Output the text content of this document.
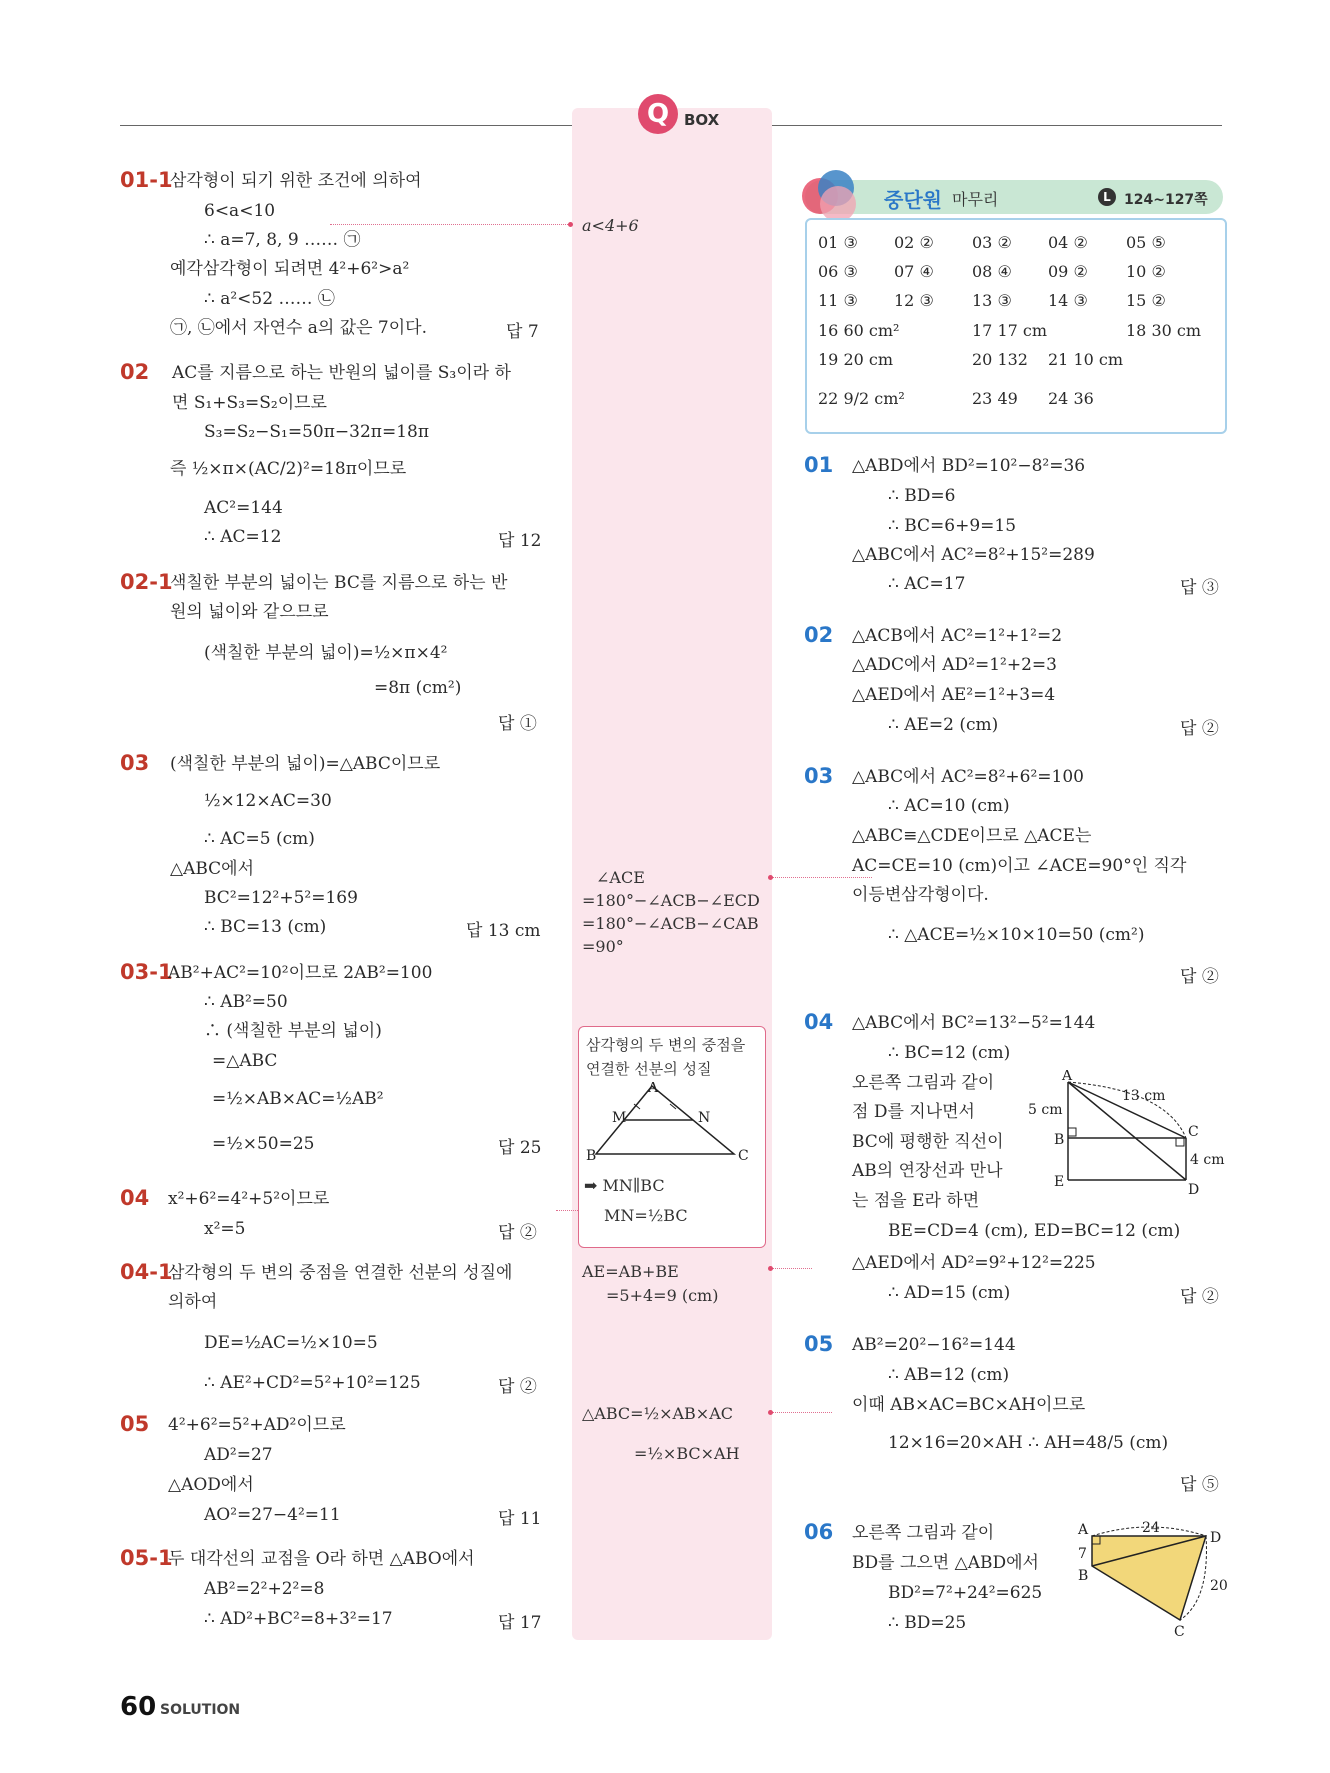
Q BOX
01-1
삼각형이 되기 위한 조건에 의하여
6<a<10
∴ a=7, 8, 9 …… ㉠
예각삼각형이 되려면 4²+6²>a²
∴ a²<52 …… ㉡
㉠, ㉡에서 자연수 a의 값은 7이다.	답 7
02 AC를 지름으로 하는 반원의 넓이를 S₃이라 하
면 S₁+S₃=S₂이므로
S₃=S₂−S₁=50π−32π=18π
즉 ½×π×(AC/2)²=18π이므로
AC²=144
∴ AC=12	답 12
02-1
색칠한 부분의 넓이는 BC를 지름으로 하는 반
원의 넓이와 같으므로
(색칠한 부분의 넓이)=½×π×4²
=8π (cm²)
답 ①
03 (색칠한 부분의 넓이)=△ABC이므로
½×12×AC=30
∴ AC=5 (cm)
△ABC에서
BC²=12²+5²=169
∴ BC=13 (cm)	답 13 cm
03-1
AB²+AC²=10²이므로 2AB²=100
∴ AB²=50
∴ (색칠한 부분의 넓이)
=△ABC
=½×AB×AC=½AB²
=½×50=25	답 25
04 x²+6²=4²+5²이므로
x²=5	답 ②
04-1
삼각형의 두 변의 중점을 연결한 선분의 성질에
의하여
DE=½AC=½×10=5
∴ AE²+CD²=5²+10²=125	답 ②
05 4²+6²=5²+AD²이므로
AD²=27
△AOD에서
AO²=27−4²=11	답 11
05-1
두 대각선의 교점을 O라 하면 △ABO에서
AB²=2²+2²=8
∴ AD²+BC²=8+3²=17	답 17
a<4+6
∠ACE
=180°−∠ACB−∠ECD
=180°−∠ACB−∠CAB
=90°
삼각형의 두 변의 중점을
연결한 선분의 성질
A
M	N
B	C
➡ MN∥BC
MN=½BC
AE=AB+BE
=5+4=9 (cm)
△ABC=½×AB×AC
=½×BC×AH
중단원 마무리	L 124~127쪽
01 ③ 02 ② 03 ② 04 ② 05 ⑤
06 ③ 07 ④ 08 ④ 09 ② 10 ②
11 ③ 12 ③ 13 ③ 14 ③ 15 ②
16 60 cm²	17 17 cm	18 30 cm
19 20 cm	20 132 21 10 cm
22 9/2 cm²	23 49 24 36
01 △ABD에서 BD²=10²−8²=36
∴ BD=6
∴ BC=6+9=15
△ABC에서 AC²=8²+15²=289
∴ AC=17	답 ③
02 △ACB에서 AC²=1²+1²=2
△ADC에서 AD²=1²+2=3
△AED에서 AE²=1²+3=4
∴ AE=2 (cm)	답 ②
03 △ABC에서 AC²=8²+6²=100
∴ AC=10 (cm)
△ABC≡△CDE이므로 △ACE는
AC=CE=10 (cm)이고 ∠ACE=90°인 직각
이등변삼각형이다.
∴ △ACE=½×10×10=50 (cm²)
답 ②
04 △ABC에서 BC²=13²−5²=144
∴ BC=12 (cm)
오른쪽 그림과 같이
점 D를 지나면서
BC에 평행한 직선이
AB의 연장선과 만나
는 점을 E라 하면
BE=CD=4 (cm), ED=BC=12 (cm)
△AED에서 AD²=9²+12²=225
∴ AD=15 (cm)	답 ②
A
B	C
D
E
5 cm
13 cm
4 cm
05 AB²=20²−16²=144
∴ AB=12 (cm)
이때 AB×AC=BC×AH이므로
12×16=20×AH ∴ AH=48/5 (cm)
답 ⑤
06 오른쪽 그림과 같이
BD를 그으면 △ABD에서
BD²=7²+24²=625
∴ BD=25
A
B
C
D
24
7
20
60 SOLUTION
